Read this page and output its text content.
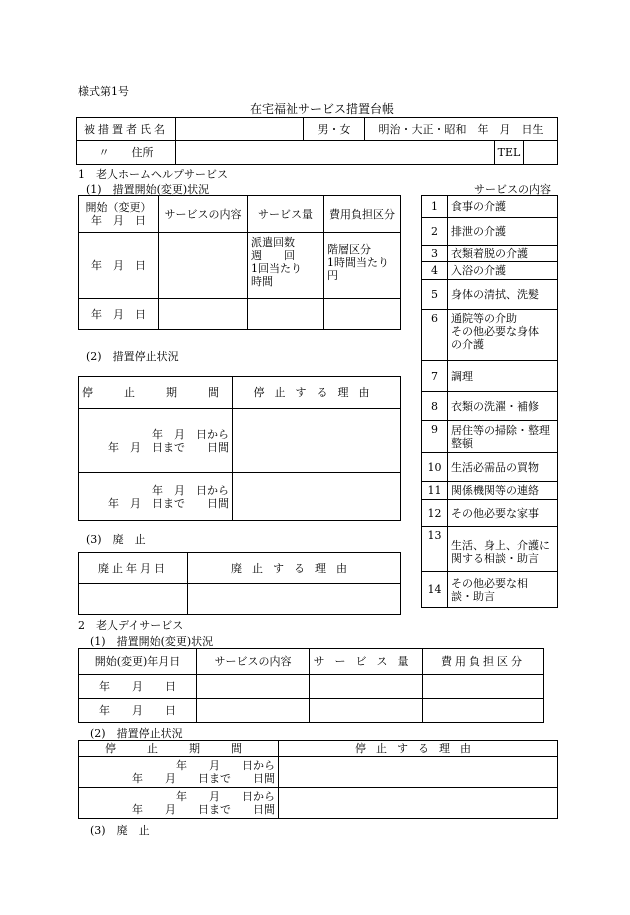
様式第1号
在宅福祉サービス措置台帳
被措置者氏名		男・女	明治・大正・昭和　 年　月　日生	
〃　　住所				TEL
1　老人ホームヘルプサービス
(1)　措置開始(変更)状況	サービスの内容
開始（変更）
年　月　日	サービスの内容	サービス量	費用負担区分
年　月　日		派遣回数
週　　回
1回当たり
時間	階層区分
1時間当たり
円
年　月　日			
(2)　措置停止状況
停　止　期　間	停止する理由
年　月　日から
年　月　日まで　　日間	
年　月　日から
年　月　日まで　　日間	
(3)　廃　止
廃止年月日	廃止する理由

1	食事の介護
2	排泄の介護
3	衣類着脱の介護
4	入浴の介護
5	身体の清拭、洗髪
6	通院等の介助
その他必要な身体
の介護
7	調理
8	衣類の洗濯・補修
9	居住等の掃除・整理
整頓
10	生活必需品の買物
11	関係機関等の連絡
12	その他必要な家事
13	生活、身上、介護に
関する相談・助言
14	その他必要な相
談・助言
2　老人デイサービス
(1)　措置開始(変更)状況
開始(変更)年月日	サービスの内容	サービス量	費用負担区分
年　　月　　日			
年　　月　　日			
(2)　措置停止状況
停　止　期　間	停止する理由
年　　月　　日から
　　年　　月　　日まで　　日間	
年　　月　　日から
　　年　　月　　日まで　　日間	
(3)　廃　止
